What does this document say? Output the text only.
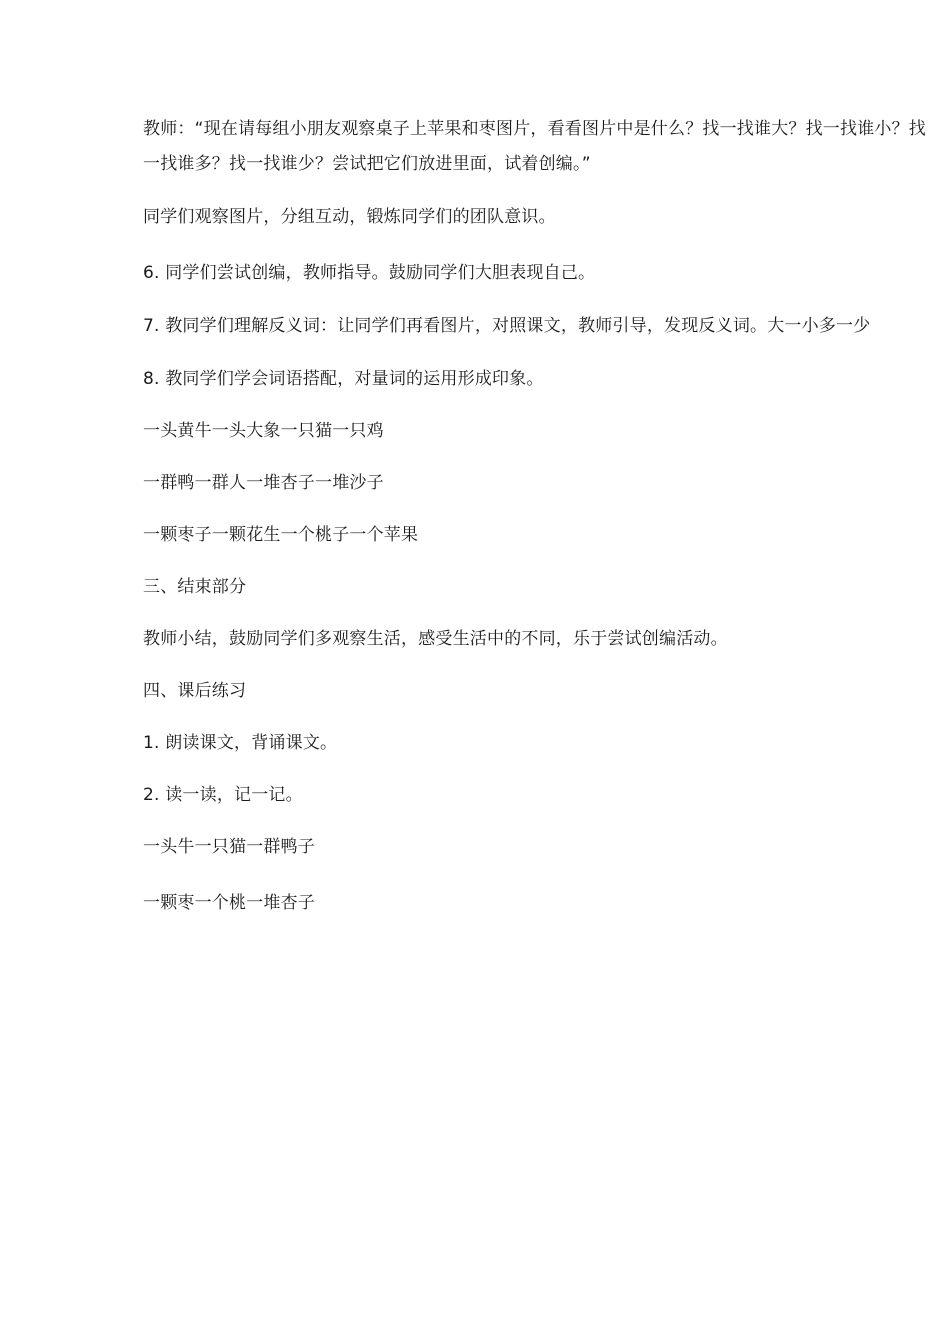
教师：“现在请每组小朋友观察桌子上苹果和枣图片，看看图片中是什么？找一找谁大？找一找谁小？找一找谁多？找一找谁少？尝试把它们放进里面，试着创编。”

同学们观察图片，分组互动，锻炼同学们的团队意识。

6. 同学们尝试创编，教师指导。鼓励同学们大胆表现自己。

7. 教同学们理解反义词：让同学们再看图片，对照课文，教师引导，发现反义词。大一小多一少

8. 教同学们学会词语搭配，对量词的运用形成印象。

一头黄牛一头大象一只猫一只鸡

一群鸭一群人一堆杏子一堆沙子

一颗枣子一颗花生一个桃子一个苹果

三、结束部分

教师小结，鼓励同学们多观察生活，感受生活中的不同，乐于尝试创编活动。

四、课后练习

1. 朗读课文，背诵课文。

2. 读一读，记一记。

一头牛一只猫一群鸭子

一颗枣一个桃一堆杏子
